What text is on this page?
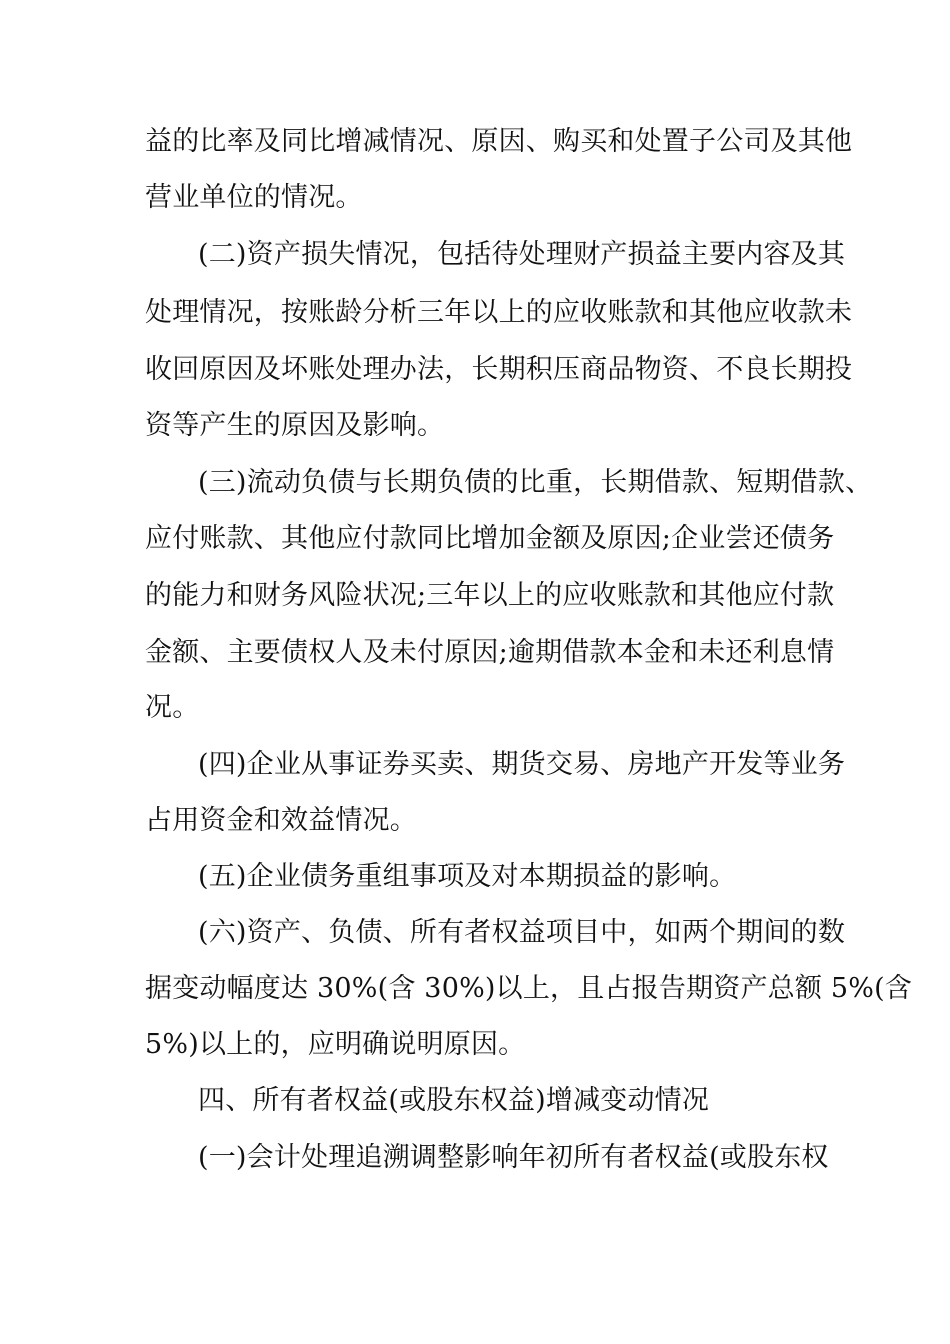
益的比率及同比增减情况、原因、购买和处置子公司及其他
营业单位的情况。
(二)资产损失情况，包括待处理财产损益主要内容及其
处理情况，按账龄分析三年以上的应收账款和其他应收款未
收回原因及坏账处理办法，长期积压商品物资、不良长期投
资等产生的原因及影响。
(三)流动负债与长期负债的比重，长期借款、短期借款、
应付账款、其他应付款同比增加金额及原因;企业尝还债务
的能力和财务风险状况;三年以上的应收账款和其他应付款
金额、主要债权人及未付原因;逾期借款本金和未还利息情
况。
(四)企业从事证券买卖、期货交易、房地产开发等业务
占用资金和效益情况。
(五)企业债务重组事项及对本期损益的影响。
(六)资产、负债、所有者权益项目中，如两个期间的数
据变动幅度达 30%(含 30%)以上，且占报告期资产总额 5%(含
5%)以上的，应明确说明原因。
四、所有者权益(或股东权益)增减变动情况
(一)会计处理追溯调整影响年初所有者权益(或股东权
